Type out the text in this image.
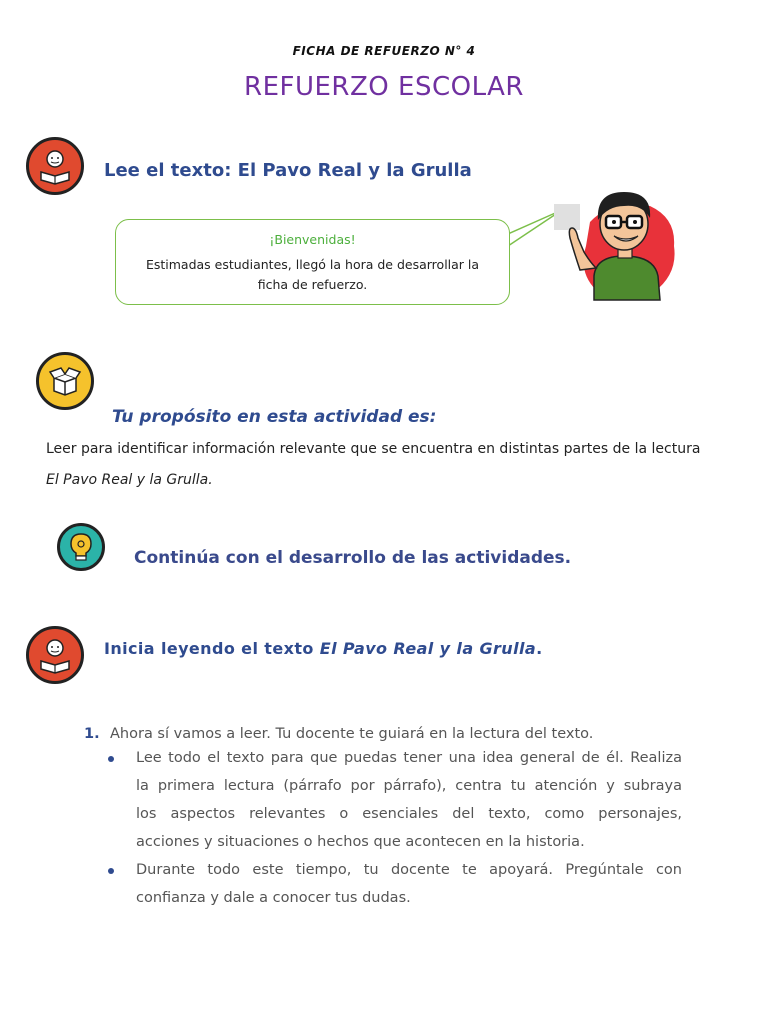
FICHA DE REFUERZO N° 4
REFUERZO ESCOLAR
Lee el texto: El Pavo Real y la Grulla
¡Bienvenidas!
Estimadas estudiantes, llegó la hora de desarrollar la ficha de refuerzo.
Tu propósito en esta actividad es:
Leer para identificar información relevante que se encuentra en distintas partes de la lectura
El Pavo Real y la Grulla.
Continúa con el desarrollo de las actividades.
Inicia leyendo el texto El Pavo Real y la Grulla.
1. Ahora sí vamos a leer. Tu docente te guiará en la lectura del texto.
Lee todo el texto para que puedas tener una idea general de él. Realiza
la primera lectura (párrafo por párrafo), centra tu atención y subraya
los aspectos relevantes o esenciales del texto, como personajes,
acciones y situaciones o hechos que acontecen en la historia.
Durante todo este tiempo, tu docente te apoyará. Pregúntale con
confianza y dale a conocer tus dudas.
